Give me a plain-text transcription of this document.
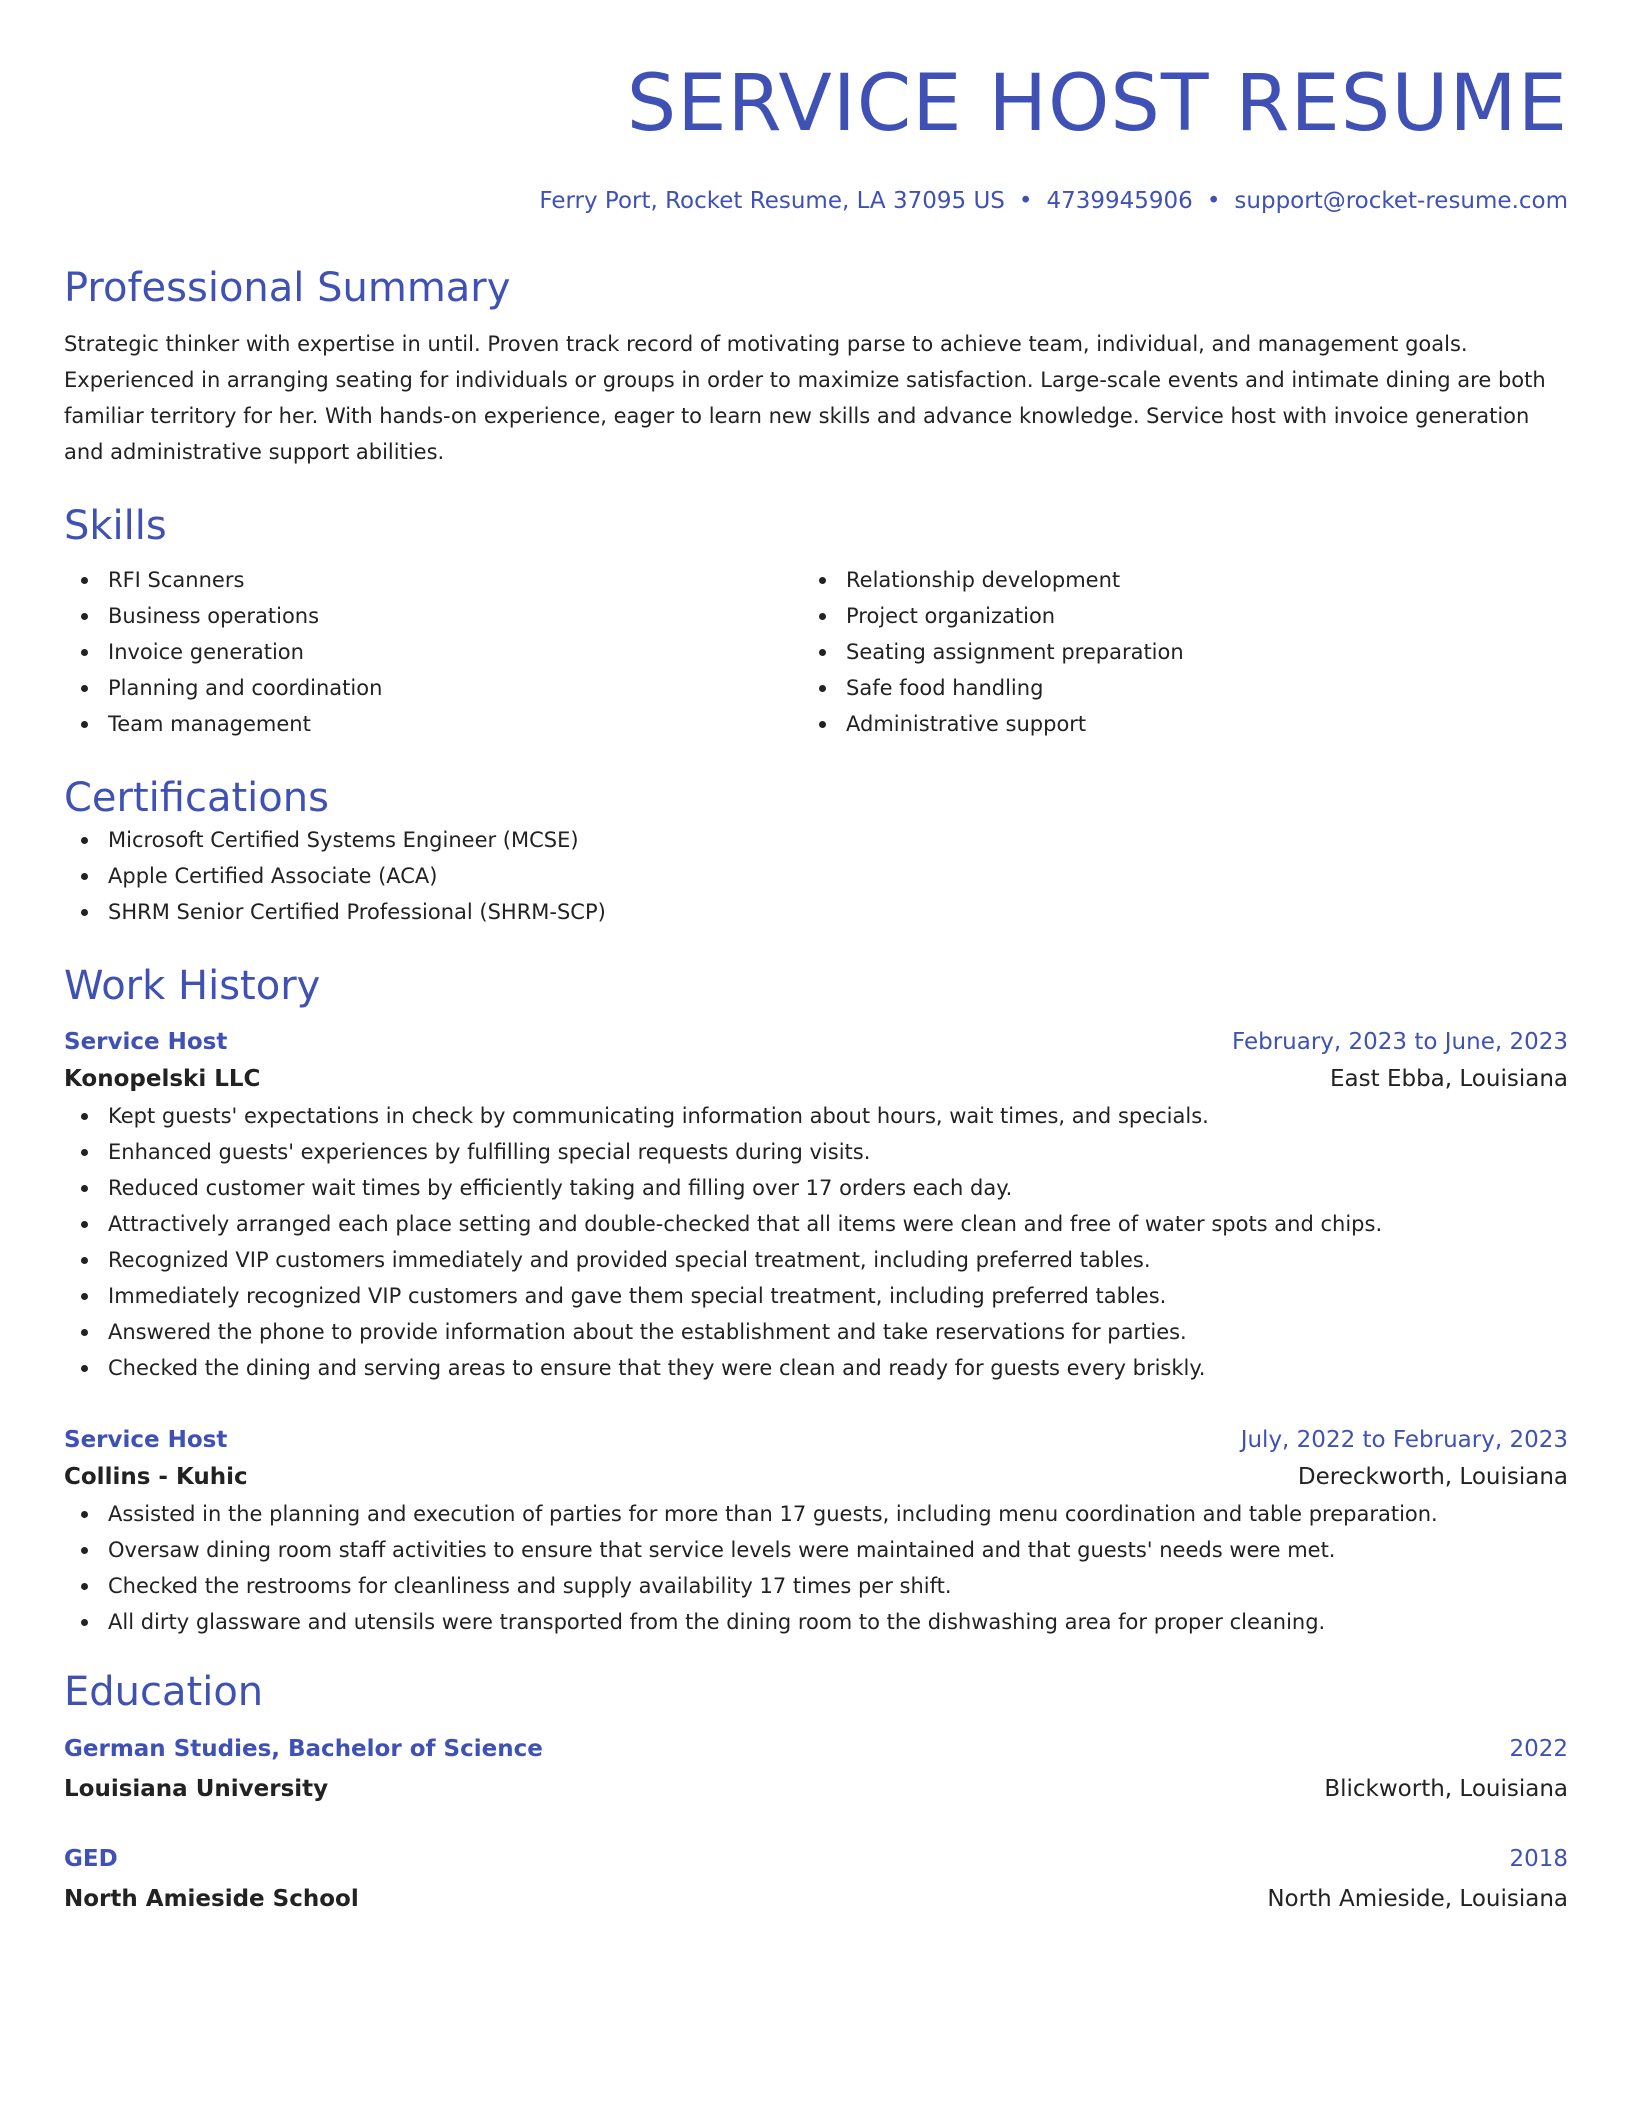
SERVICE HOST RESUME
Ferry Port, Rocket Resume, LA 37095 US • 4739945906 • support@rocket-resume.com
Professional Summary
Strategic thinker with expertise in until. Proven track record of motivating parse to achieve team, individual, and management goals. Experienced in arranging seating for individuals or groups in order to maximize satisfaction. Large-scale events and intimate dining are both familiar territory for her. With hands-on experience, eager to learn new skills and advance knowledge. Service host with invoice generation and administrative support abilities.
Skills
RFI Scanners
Business operations
Invoice generation
Planning and coordination
Team management
Relationship development
Project organization
Seating assignment preparation
Safe food handling
Administrative support
Certifications
Microsoft Certified Systems Engineer (MCSE)
Apple Certified Associate (ACA)
SHRM Senior Certified Professional (SHRM-SCP)
Work History
Service Host	February, 2023 to June, 2023
Konopelski LLC	East Ebba, Louisiana
Kept guests' expectations in check by communicating information about hours, wait times, and specials.
Enhanced guests' experiences by fulfilling special requests during visits.
Reduced customer wait times by efficiently taking and filling over 17 orders each day.
Attractively arranged each place setting and double-checked that all items were clean and free of water spots and chips.
Recognized VIP customers immediately and provided special treatment, including preferred tables.
Immediately recognized VIP customers and gave them special treatment, including preferred tables.
Answered the phone to provide information about the establishment and take reservations for parties.
Checked the dining and serving areas to ensure that they were clean and ready for guests every briskly.
Service Host	July, 2022 to February, 2023
Collins - Kuhic	Dereckworth, Louisiana
Assisted in the planning and execution of parties for more than 17 guests, including menu coordination and table preparation.
Oversaw dining room staff activities to ensure that service levels were maintained and that guests' needs were met.
Checked the restrooms for cleanliness and supply availability 17 times per shift.
All dirty glassware and utensils were transported from the dining room to the dishwashing area for proper cleaning.
Education
German Studies, Bachelor of Science	2022
Louisiana University	Blickworth, Louisiana
GED	2018
North Amieside School	North Amieside, Louisiana
